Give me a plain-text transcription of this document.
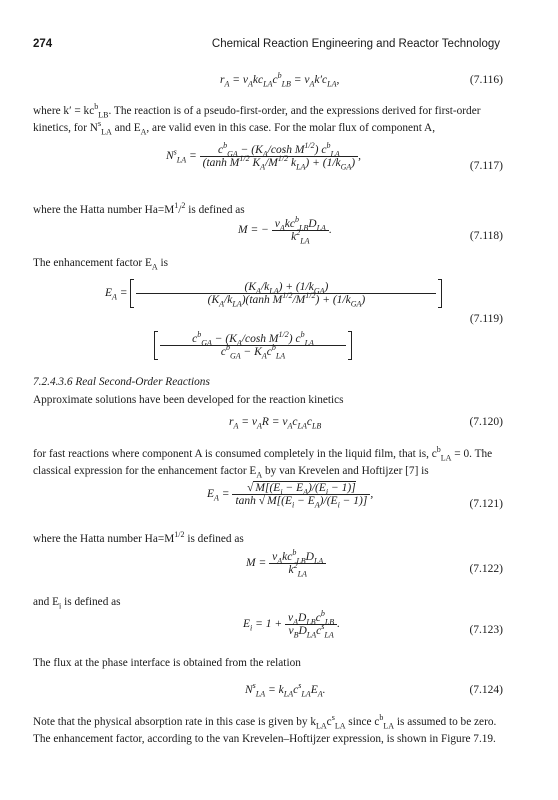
274	Chemical Reaction Engineering and Reactor Technology
$r_A = \nu_Akc_{LA}c^b_{LB} = \nu_Ak'c_{LA}$,	(7.116)
where $k' = kc^b_{LB}$. The reaction is of a pseudo-first-order, and the expressions derived for first-order kinetics, for $N^s_{LA}$ and $E_A$, are valid even in this case. For the molar flux of component A,
$N^s_{LA} = \frac{c^b_{GA} - (K_A/\cosh M^{1/2}) c^b_{LA}}{(\tanh M^{1/2} K_A/M^{1/2} k_{LA}) + (1/k_{GA})}$ ,
(7.117)
where the Hatta number $Ha=M^1/^2$ is defined as
M = − $\frac{\nu_Akc^b_{LB}D_{LA}}{k^2_{LA}}$ .	(7.118)
The enhancement factor $E_A$ is
$E_A = \frac{(K_A/k_{LA}) + (1/k_{GA})}{(K_A/k_{LA})(\tanh M^{1/2}/M^{1/2}) + (1/k_{GA})}$
$\frac{c^b_{GA} - (K_A/\cosh M^{1/2}) c^b_{LA}}{c^b_{GA} - K_Ac^b_{LA}}$
(7.119)
7.2.4.3.6 Real Second-Order Reactions
Approximate solutions have been developed for the reaction kinetics
$r_A = \nu_AR = \nu_Ac_{LA}c_{LB}$	(7.120)
for fast reactions where component A is consumed completely in the liquid film, that is, $c^b_{LA} = 0$. The classical expression for the enhancement factor $E_A$ by van Krevelen and Hoftijzer [7] is
$E_A = \frac{√ M[(E_i - E_A)/(E_i - 1)]}{\tanh √ M[(E_i - E_A)/(E_i - 1)]}$ ,
(7.121)
where the Hatta number $Ha=M^{1/2}$ is defined as
$M = \frac{\nu_Akc^b_{LB}D_{LA}}{k^2_{LA}}$	(7.122)
and $E_i$ is defined as
$E_i = 1 + \frac{\nu_AD_{LB}c^b_{LB}}{\nu_BD_{LA}c^s_{LA}}$ .	(7.123)
The flux at the phase interface is obtained from the relation
$N^s_{LA} = k_{LA}c^s_{LA}E_A$.	(7.124)
Note that the physical absorption rate in this case is given by $k_{LA}c^s_{LA}$ since $c^b_{LA}$ is assumed to be zero. The enhancement factor, according to the van Krevelen–Hoftijzer expression, is shown in Figure 7.19.
